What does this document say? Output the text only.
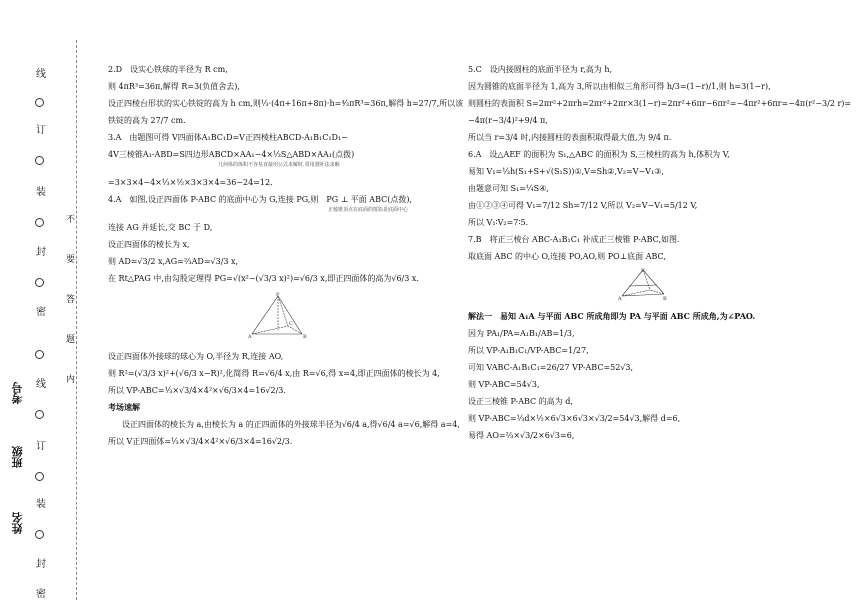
线
订
装
封
密
线
订
装
封
密
考号
班级
姓名
不
要
答
题
内

2.D　设实心铁球的半径为 R cm,

则 4πR³=36π,解得 R=3(负值舍去),

设正四棱台形状的实心铁锭的高为 h cm,则⅓·(4π+16π+8π)·h=⁴⁄₃πR³=36π,解得 h=27/7,所以该

铁锭的高为 27/7 cm.

3.A　由题图可得 V四面体A₁BC₁D=V正四棱柱ABCD-A₁B₁C₁D₁−

4V三棱锥A₁-ABD=S四边形ABCD×AA₁−4×⅓S△ABD×AA₁(点拨)

几何体的体积不容易直接用公式求解时,常用割补法求解

=3×3×4−4×⅓×½×3×3×4=36−24=12.

4.A　如图,设正四面体 P-ABC 的底面中心为 G,连接 PG,则　PG ⊥ 平面 ABC(点拨),

正棱锥顶点在底面的射影是底面中心

连接 AG 并延长,交 BC 于 D,

设正四面体的棱长为 x,

则 AD=√3/2 x,AG=⅔AD=√3/3 x,

在 Rt△PAG 中,由勾股定理得 PG=√(x²−(√3/3 x)²)=√6/3 x,即正四面体的高为√6/3 x.

P
A	B
C

设正四面体外接球的球心为 O,半径为 R,连接 AO,

则 R²=(√3/3 x)²+(√6/3 x−R)²,化简得 R=√6/4 x,由 R=√6,得 x=4,即正四面体的棱长为 4,

所以 VP-ABC=⅓×√3/4×4²×√6/3×4=16√2/3.

考场速解

设正四面体的棱长为 a,由棱长为 a 的正四面体的外接球半径为√6/4 a,得√6/4 a=√6,解得 a=4,

所以 V正四面体=⅓×√3/4×4²×√6/3×4=16√2/3.

5.C　设内接圆柱的底面半径为 r,高为 h,

因为圆锥的底面半径为 1,高为 3,所以由相似三角形可得 h/3=(1−r)/1,则 h=3(1−r),

则圆柱的表面积 S=2πr²+2πrh=2πr²+2πr×3(1−r)=2πr²+6πr−6πr²=−4πr²+6πr=−4π(r²−3/2 r)=

−4π(r−3/4)²+9/4 π,

所以当 r=3/4 时,内接圆柱的表面积取得最大值,为 9/4 π.

6.A　设△AEF 的面积为 S₁,△ABC 的面积为 S,三棱柱的高为 h,体积为 V,

易知 V₁=⅓h(S₁+S+√(S₁S))①,V=Sh②,V₂=V−V₁③,

由题意可知 S₁=¼S④,

由①②③④可得 V₁=7/12 Sh=7/12 V,所以 V₂=V−V₁=5/12 V,

所以 V₁∶V₂=7∶5.

7.B　将正三棱台 ABC-A₁B₁C₁ 补成正三棱锥 P-ABC,如图.

取底面 ABC 的中心 O,连接 PO,AO,则 PO⊥底面 ABC,

P
A	B

解法一　易知 A₁A 与平面 ABC 所成角即为 PA 与平面 ABC 所成角,为∠PAO.

因为 PA₁/PA=A₁B₁/AB=1/3,

所以 VP-A₁B₁C₁/VP-ABC=1/27,

可知 VABC-A₁B₁C₁=26/27 VP-ABC=52√3,

则 VP-ABC=54√3,

设正三棱锥 P-ABC 的高为 d,

则 VP-ABC=⅓d×½×6√3×6√3×√3/2=54√3,解得 d=6,

易得 AO=⅔×√3/2×6√3=6,
